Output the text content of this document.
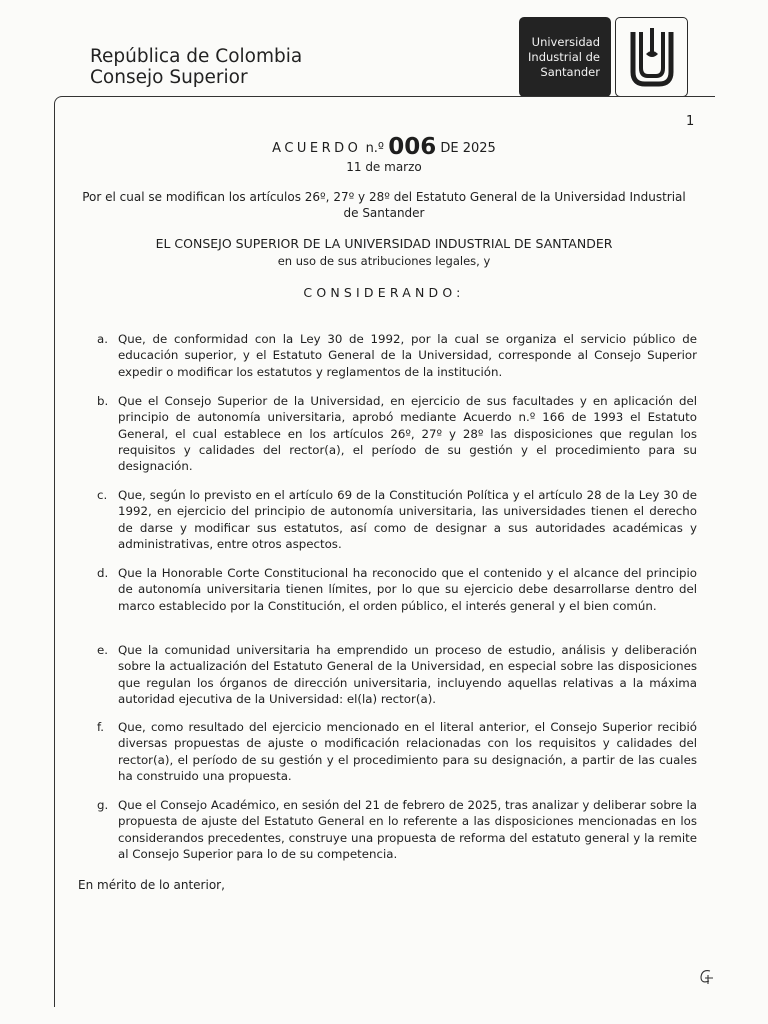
República de Colombia
Consejo Superior
Universidad
Industrial de
Santander
1
ACUERDO n.º 006 DE 2025
11 de marzo
Por el cual se modifican los artículos 26º, 27º y 28º del Estatuto General de la Universidad Industrial de Santander
EL CONSEJO SUPERIOR DE LA UNIVERSIDAD INDUSTRIAL DE SANTANDER
en uso de sus atribuciones legales, y
CONSIDERANDO:
a. Que, de conformidad con la Ley 30 de 1992, por la cual se organiza el servicio público de educación superior, y el Estatuto General de la Universidad, corresponde al Consejo Superior expedir o modificar los estatutos y reglamentos de la institución.
b. Que el Consejo Superior de la Universidad, en ejercicio de sus facultades y en aplicación del principio de autonomía universitaria, aprobó mediante Acuerdo n.º 166 de 1993 el Estatuto General, el cual establece en los artículos 26º, 27º y 28º las disposiciones que regulan los requisitos y calidades del rector(a), el período de su gestión y el procedimiento para su designación.
c. Que, según lo previsto en el artículo 69 de la Constitución Política y el artículo 28 de la Ley 30 de 1992, en ejercicio del principio de autonomía universitaria, las universidades tienen el derecho de darse y modificar sus estatutos, así como de designar a sus autoridades académicas y administrativas, entre otros aspectos.
d. Que la Honorable Corte Constitucional ha reconocido que el contenido y el alcance del principio de autonomía universitaria tienen límites, por lo que su ejercicio debe desarrollarse dentro del marco establecido por la Constitución, el orden público, el interés general y el bien común.
e. Que la comunidad universitaria ha emprendido un proceso de estudio, análisis y deliberación sobre la actualización del Estatuto General de la Universidad, en especial sobre las disposiciones que regulan los órganos de dirección universitaria, incluyendo aquellas relativas a la máxima autoridad ejecutiva de la Universidad: el(la) rector(a).
f. Que, como resultado del ejercicio mencionado en el literal anterior, el Consejo Superior recibió diversas propuestas de ajuste o modificación relacionadas con los requisitos y calidades del rector(a), el período de su gestión y el procedimiento para su designación, a partir de las cuales ha construido una propuesta.
g. Que el Consejo Académico, en sesión del 21 de febrero de 2025, tras analizar y deliberar sobre la propuesta de ajuste del Estatuto General en lo referente a las disposiciones mencionadas en los considerandos precedentes, construye una propuesta de reforma del estatuto general y la remite al Consejo Superior para lo de su competencia.
En mérito de lo anterior,
